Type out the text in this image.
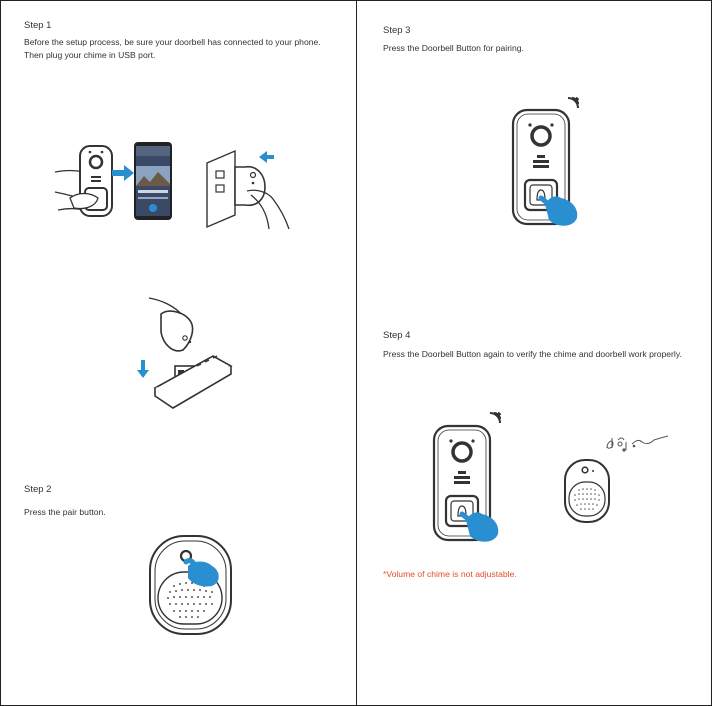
Step 1
Before the setup process, be sure your doorbell has connected to your phone. Then plug your chime in USB port.
Step 2
Press the pair button.
Step 3
Press the Doorbell Button for pairing.
Step 4
Press the Doorbell Button again to verify the chime and doorbell work properly.
*Volume of chime is not adjustable.
